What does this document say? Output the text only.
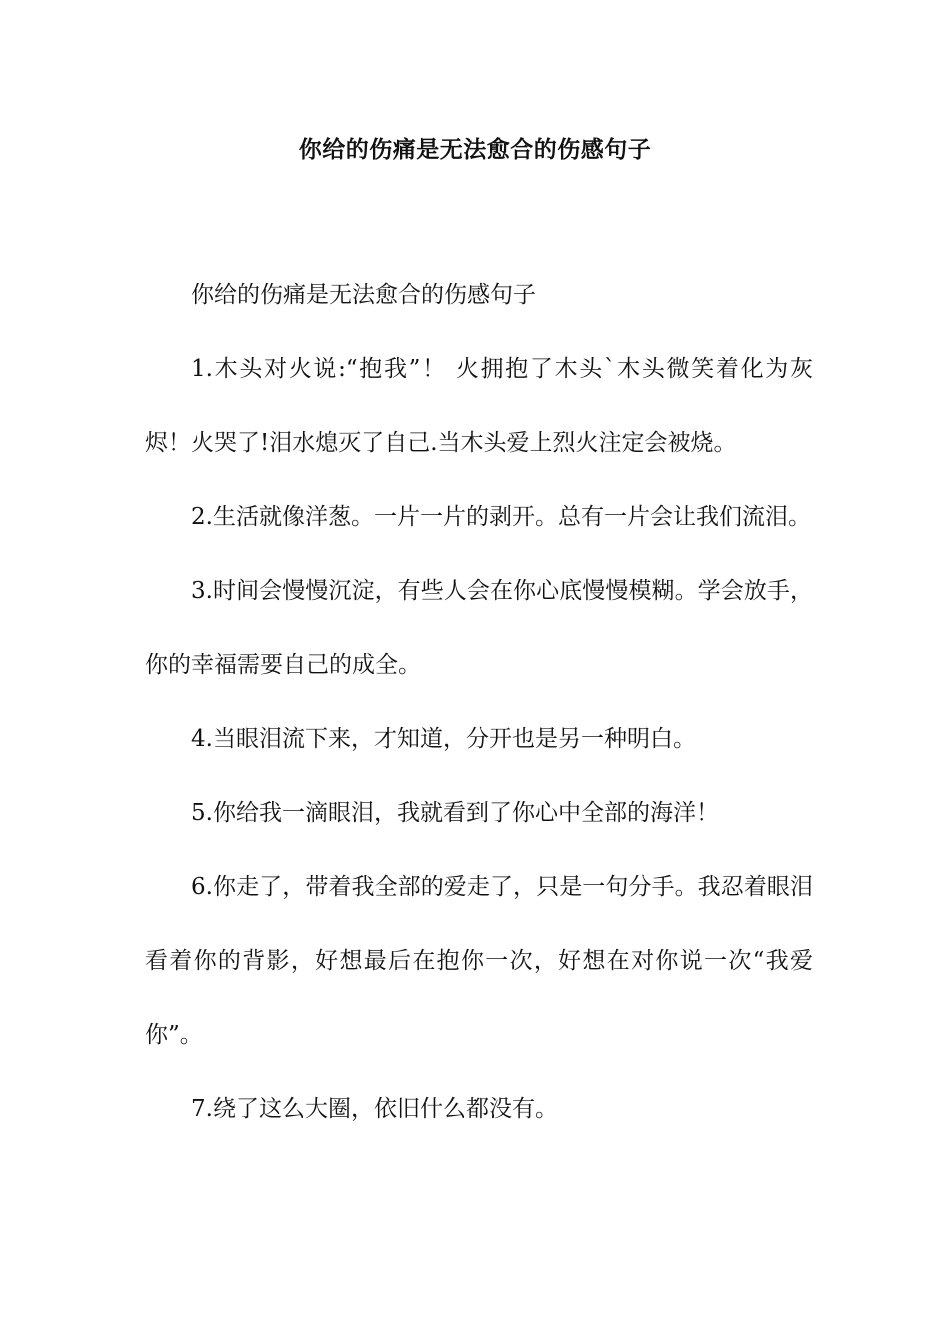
你给的伤痛是无法愈合的伤感句子

你给的伤痛是无法愈合的伤感句子

1.木头对火说:“抱我”！ 火拥抱了木头`木头微笑着化为灰烬！火哭了!泪水熄灭了自己.当木头爱上烈火注定会被烧。

2.生活就像洋葱。一片一片的剥开。总有一片会让我们流泪。

3.时间会慢慢沉淀，有些人会在你心底慢慢模糊。学会放手，你的幸福需要自己的成全。

4.当眼泪流下来，才知道，分开也是另一种明白。

5.你给我一滴眼泪，我就看到了你心中全部的海洋！

6.你走了，带着我全部的爱走了，只是一句分手。我忍着眼泪看着你的背影，好想最后在抱你一次，好想在对你说一次“我爱你”。

7.绕了这么大圈，依旧什么都没有。
